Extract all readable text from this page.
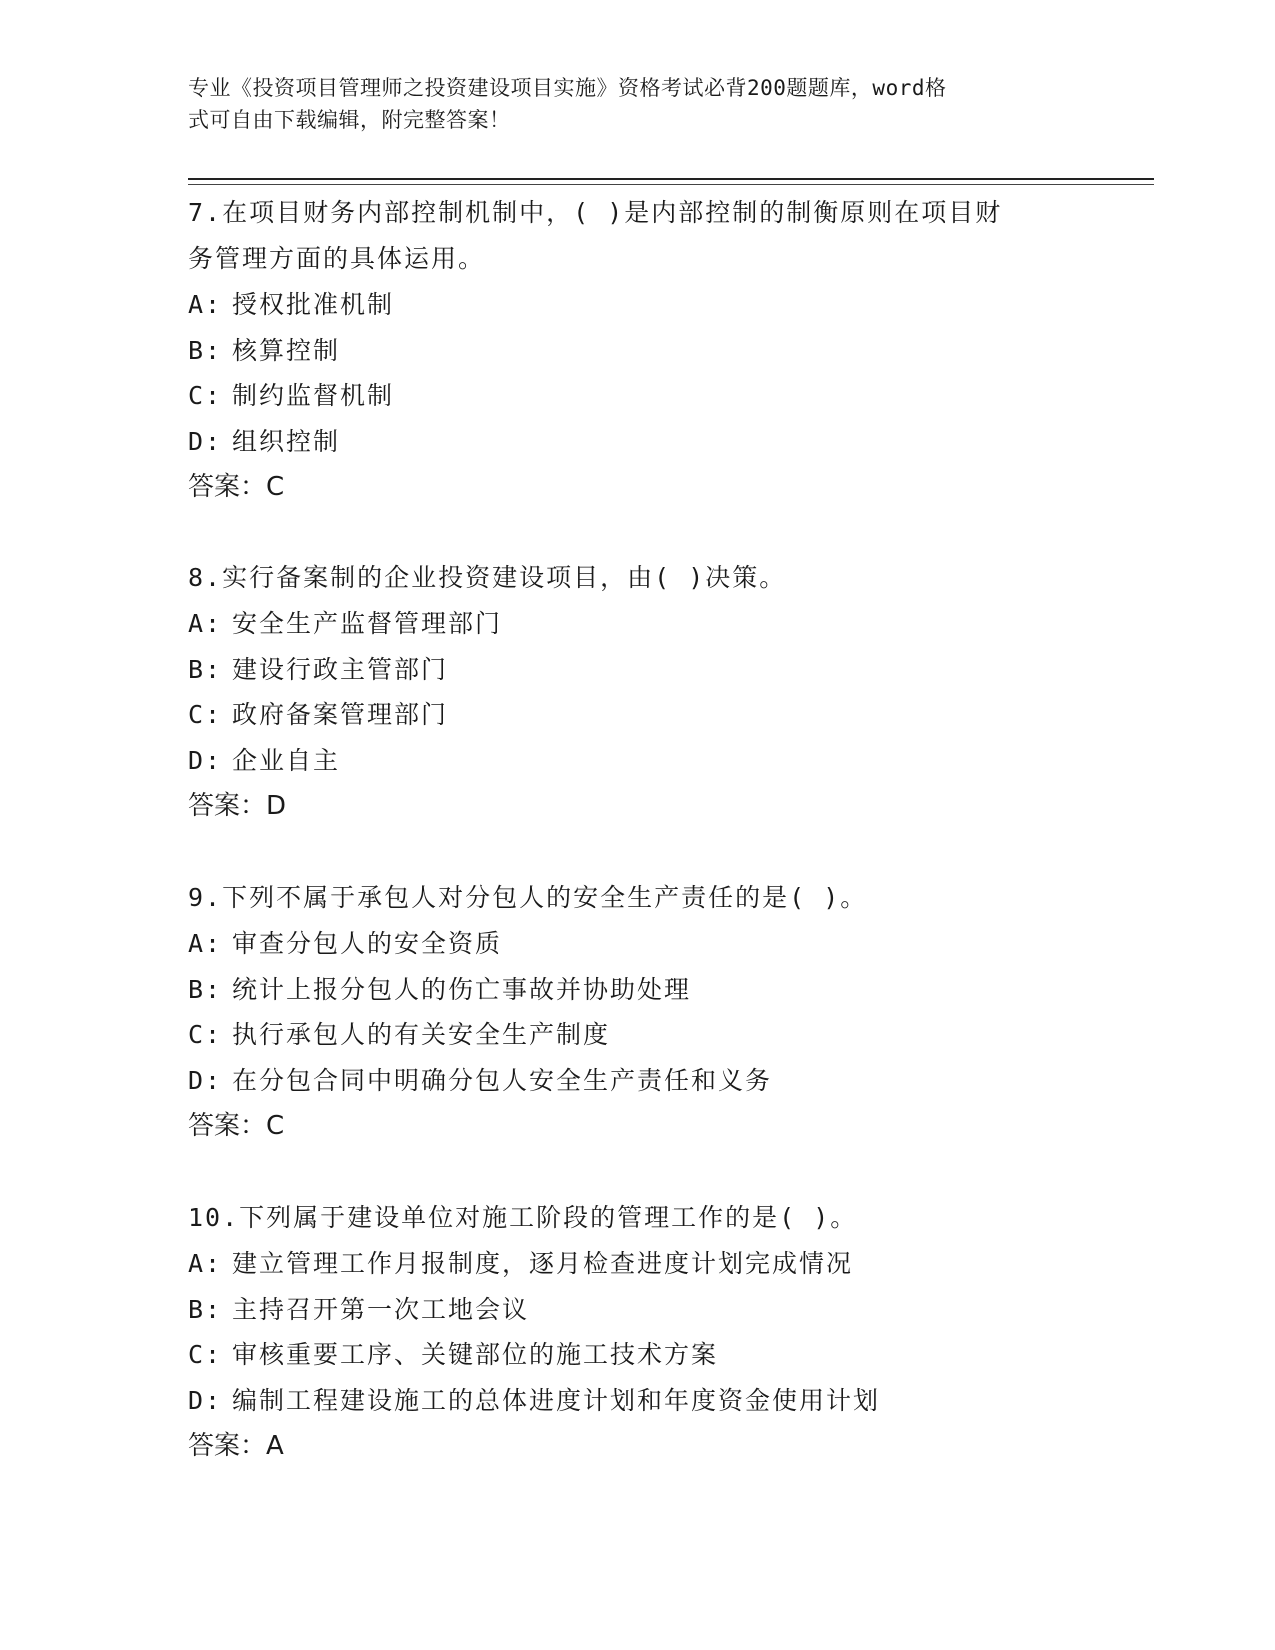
专业《投资项目管理师之投资建设项目实施》资格考试必背200题题库，word格
式可自由下载编辑，附完整答案！

7.在项目财务内部控制机制中，( )是内部控制的制衡原则在项目财

务管理方面的具体运用。

A: 授权批准机制

B: 核算控制

C: 制约监督机制

D: 组织控制

答案：C

8.实行备案制的企业投资建设项目，由( )决策。

A: 安全生产监督管理部门

B: 建设行政主管部门

C: 政府备案管理部门

D: 企业自主

答案：D

9.下列不属于承包人对分包人的安全生产责任的是( )。

A: 审查分包人的安全资质

B: 统计上报分包人的伤亡事故并协助处理

C: 执行承包人的有关安全生产制度

D: 在分包合同中明确分包人安全生产责任和义务

答案：C

10.下列属于建设单位对施工阶段的管理工作的是( )。

A: 建立管理工作月报制度，逐月检查进度计划完成情况

B: 主持召开第一次工地会议

C: 审核重要工序、关键部位的施工技术方案

D: 编制工程建设施工的总体进度计划和年度资金使用计划

答案：A
